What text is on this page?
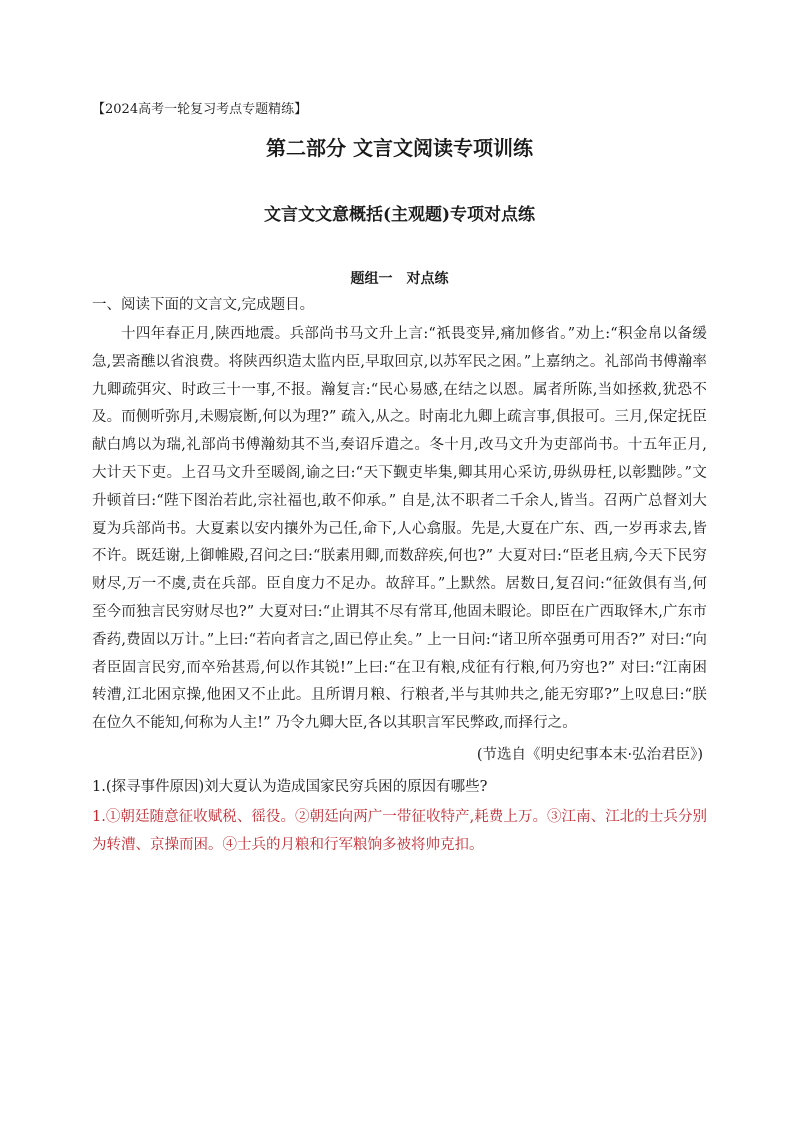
【2024高考一轮复习考点专题精练】

第二部分 文言文阅读专项训练
文言文文意概括(主观题)专项对点练
题组一 对点练

一、阅读下面的文言文,完成题目。

十四年春正月,陕西地震。兵部尚书马文升上言:“祇畏变异,痛加修省。”劝上:“积金帛以备缓急,罢斋醮以省浪费。将陕西织造太监内臣,早取回京,以苏军民之困。”上嘉纳之。礼部尚书傅瀚率九卿疏弭灾、时政三十一事,不报。瀚复言:“民心易感,在结之以恩。属者所陈,当如拯救,犹恐不及。而侧听弥月,未赐宸断,何以为理?” 疏入,从之。时南北九卿上疏言事,俱报可。三月,保定抚臣献白鸠以为瑞,礼部尚书傅瀚劾其不当,奏诏斥遣之。冬十月,改马文升为吏部尚书。十五年正月,大计天下吏。上召马文升至暖阁,谕之曰:“天下觐吏毕集,卿其用心采访,毋纵毋枉,以彰黜陟。”文升顿首曰:“陛下图治若此,宗社福也,敢不仰承。” 自是,汰不职者二千余人,皆当。召两广总督刘大夏为兵部尚书。大夏素以安内攘外为己任,命下,人心翕服。先是,大夏在广东、西,一岁再求去,皆不许。既廷谢,上御帷殿,召问之曰:“朕素用卿,而数辞疾,何也?” 大夏对曰:“臣老且病,今天下民穷财尽,万一不虞,责在兵部。臣自度力不足办。故辞耳。”上默然。居数日,复召问:“征敛俱有当,何至今而独言民穷财尽也?” 大夏对曰:“止谓其不尽有常耳,他固未暇论。即臣在广西取铎木,广东市香药,费固以万计。”上曰:“若向者言之,固已停止矣。” 上一日问:“诸卫所卒强勇可用否?” 对曰:“向者臣固言民穷,而卒殆甚焉,何以作其锐!”上曰:“在卫有粮,戍征有行粮,何乃穷也?” 对曰:“江南困转漕,江北困京操,他困又不止此。且所谓月粮、行粮者,半与其帅共之,能无穷耶?”上叹息曰:“朕在位久不能知,何称为人主!” 乃令九卿大臣,各以其职言军民弊政,而择行之。

(节选自《明史纪事本末·弘治君臣》)

1.(探寻事件原因)刘大夏认为造成国家民穷兵困的原因有哪些?

1.①朝廷随意征收赋税、徭役。②朝廷向两广一带征收特产,耗费上万。③江南、江北的士兵分别为转漕、京操而困。④士兵的月粮和行军粮饷多被将帅克扣。
